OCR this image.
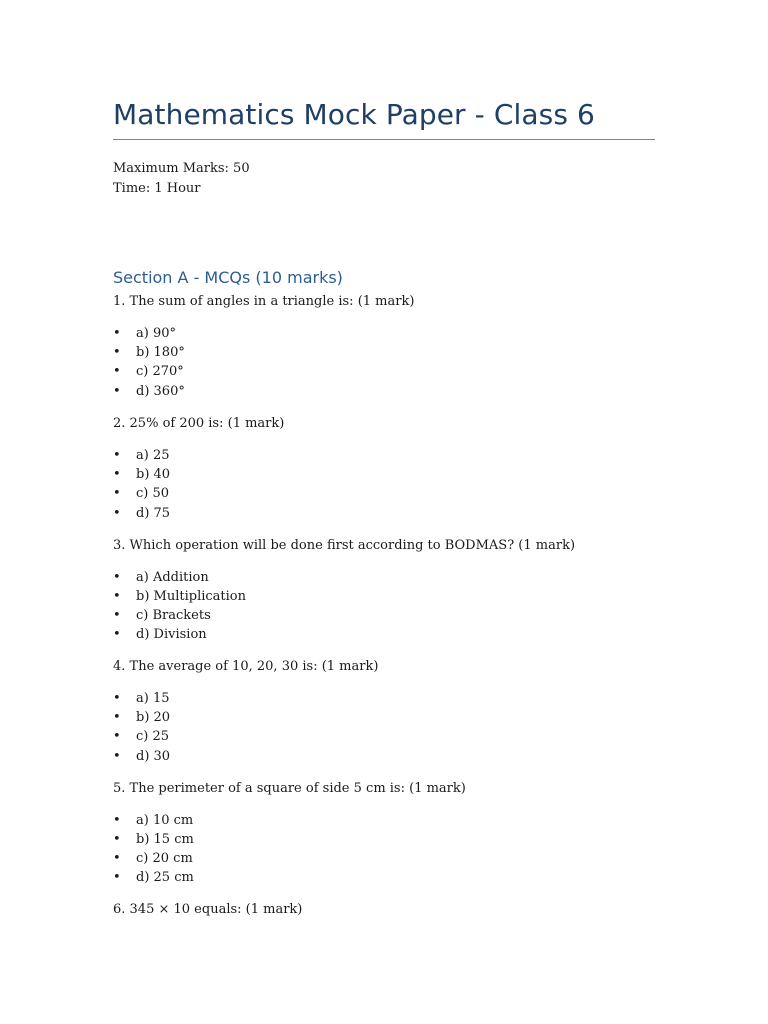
Mathematics Mock Paper - Class 6
Maximum Marks: 50
Time: 1 Hour
Section A - MCQs (10 marks)
1. The sum of angles in a triangle is: (1 mark)
• a) 90°
• b) 180°
• c) 270°
• d) 360°
2. 25% of 200 is: (1 mark)
• a) 25
• b) 40
• c) 50
• d) 75
3. Which operation will be done first according to BODMAS? (1 mark)
• a) Addition
• b) Multiplication
• c) Brackets
• d) Division
4. The average of 10, 20, 30 is: (1 mark)
• a) 15
• b) 20
• c) 25
• d) 30
5. The perimeter of a square of side 5 cm is: (1 mark)
• a) 10 cm
• b) 15 cm
• c) 20 cm
• d) 25 cm
6. 345 × 10 equals: (1 mark)
